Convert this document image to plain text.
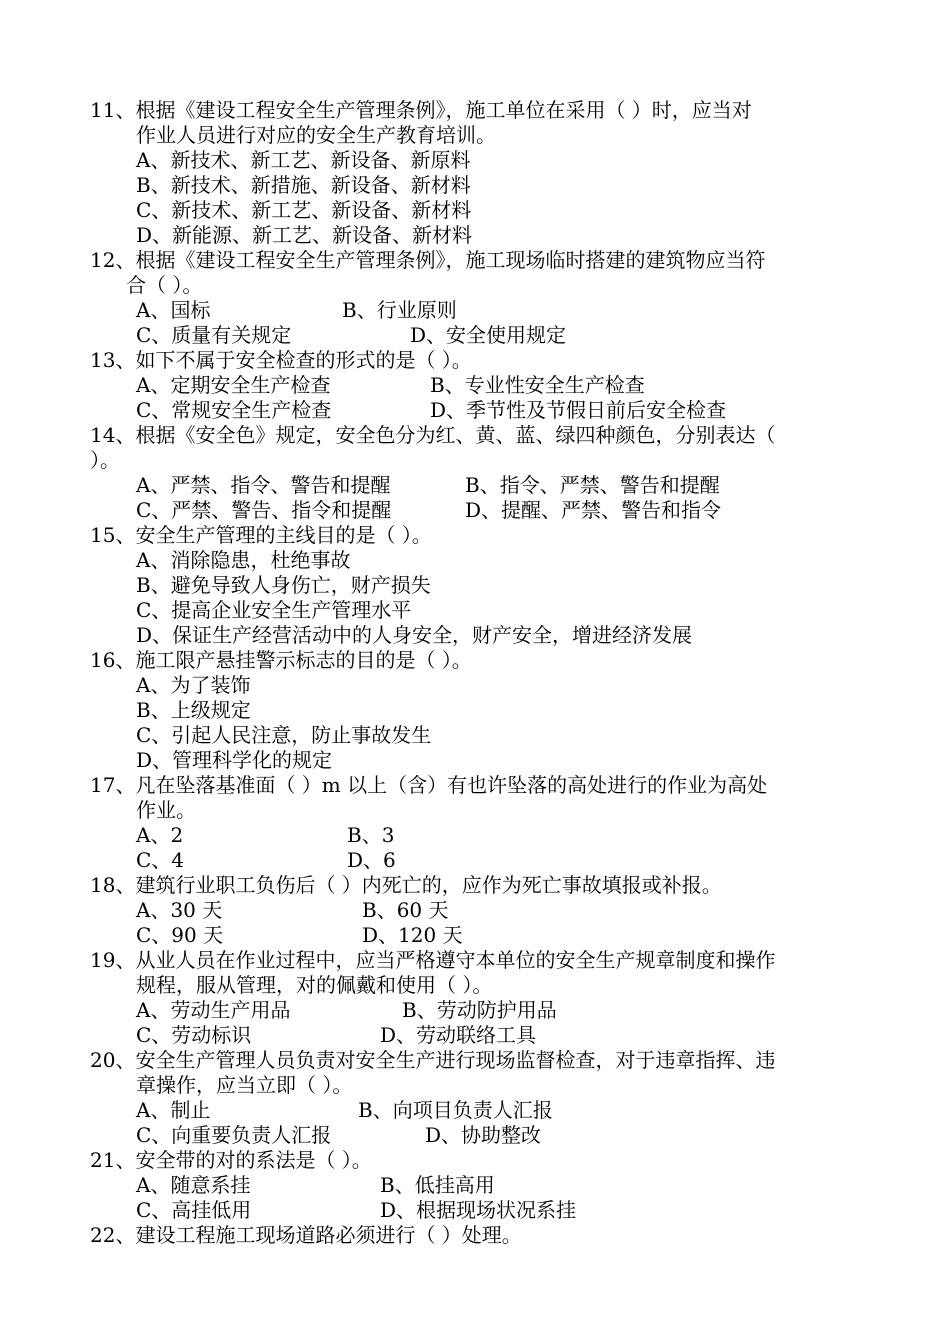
11、根据《建设工程安全生产管理条例》，施工单位在采用（ ）时，应当对
作业人员进行对应的安全生产教育培训。
A、新技术、新工艺、新设备、新原料
B、新技术、新措施、新设备、新材料
C、新技术、新工艺、新设备、新材料
D、新能源、新工艺、新设备、新材料
12、根据《建设工程安全生产管理条例》，施工现场临时搭建的建筑物应当符
合（ ）。
A、国标	B、行业原则
C、质量有关规定	D、安全使用规定
13、如下不属于安全检查的形式的是（ ）。
A、定期安全生产检查	B、专业性安全生产检查
C、常规安全生产检查	D、季节性及节假日前后安全检查
14、根据《安全色》规定，安全色分为红、黄、蓝、绿四种颜色，分别表达（
）。
A、严禁、指令、警告和提醒	B、指令、严禁、警告和提醒
C、严禁、警告、指令和提醒	D、提醒、严禁、警告和指令
15、安全生产管理的主线目的是（ ）。
A、消除隐患，杜绝事故
B、避免导致人身伤亡，财产损失
C、提高企业安全生产管理水平
D、保证生产经营活动中的人身安全，财产安全，增进经济发展
16、施工限产悬挂警示标志的目的是（ ）。
A、为了装饰
B、上级规定
C、引起人民注意，防止事故发生
D、管理科学化的规定
17、凡在坠落基准面（ ）m 以上（含）有也许坠落的高处进行的作业为高处
作业。
A、2	B、3
C、4	D、6
18、建筑行业职工负伤后（ ）内死亡的，应作为死亡事故填报或补报。
A、30 天	B、60 天
C、90 天	D、120 天
19、从业人员在作业过程中，应当严格遵守本单位的安全生产规章制度和操作
规程，服从管理，对的佩戴和使用（ ）。
A、劳动生产用品	B、劳动防护用品
C、劳动标识	D、劳动联络工具
20、安全生产管理人员负责对安全生产进行现场监督检查，对于违章指挥、违
章操作，应当立即（ ）。
A、制止	B、向项目负责人汇报
C、向重要负责人汇报	D、协助整改
21、安全带的对的系法是（ ）。
A、随意系挂	B、低挂高用
C、高挂低用	D、根据现场状况系挂
22、建设工程施工现场道路必须进行（ ）处理。
